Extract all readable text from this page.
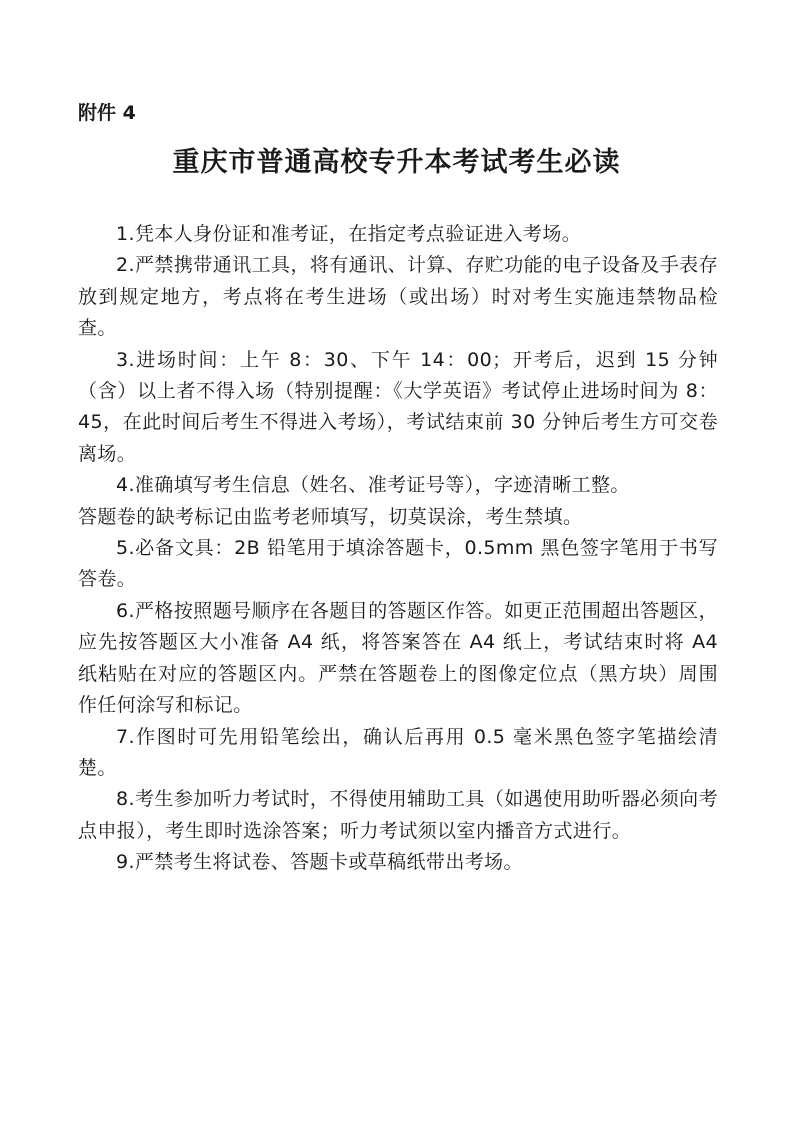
附件 4
重庆市普通高校专升本考试考生必读

1.凭本人身份证和准考证，在指定考点验证进入考场。

2.严禁携带通讯工具，将有通讯、计算、存贮功能的电子设备及手表存放到规定地方，考点将在考生进场（或出场）时对考生实施违禁物品检查。

3.进场时间：上午 8：30、下午 14：00；开考后，迟到 15 分钟（含）以上者不得入场（特别提醒：《大学英语》考试停止进场时间为 8：45，在此时间后考生不得进入考场），考试结束前 30 分钟后考生方可交卷离场。

4.准确填写考生信息（姓名、准考证号等），字迹清晰工整。

答题卷的缺考标记由监考老师填写，切莫误涂，考生禁填。

5.必备文具：2B 铅笔用于填涂答题卡，0.5mm 黑色签字笔用于书写答卷。

6.严格按照题号顺序在各题目的答题区作答。如更正范围超出答题区，应先按答题区大小准备 A4 纸，将答案答在 A4 纸上，考试结束时将 A4 纸粘贴在对应的答题区内。严禁在答题卷上的图像定位点（黑方块）周围作任何涂写和标记。

7.作图时可先用铅笔绘出，确认后再用 0.5 毫米黑色签字笔描绘清楚。

8.考生参加听力考试时，不得使用辅助工具（如遇使用助听器必须向考点申报），考生即时选涂答案；听力考试须以室内播音方式进行。

9.严禁考生将试卷、答题卡或草稿纸带出考场。
